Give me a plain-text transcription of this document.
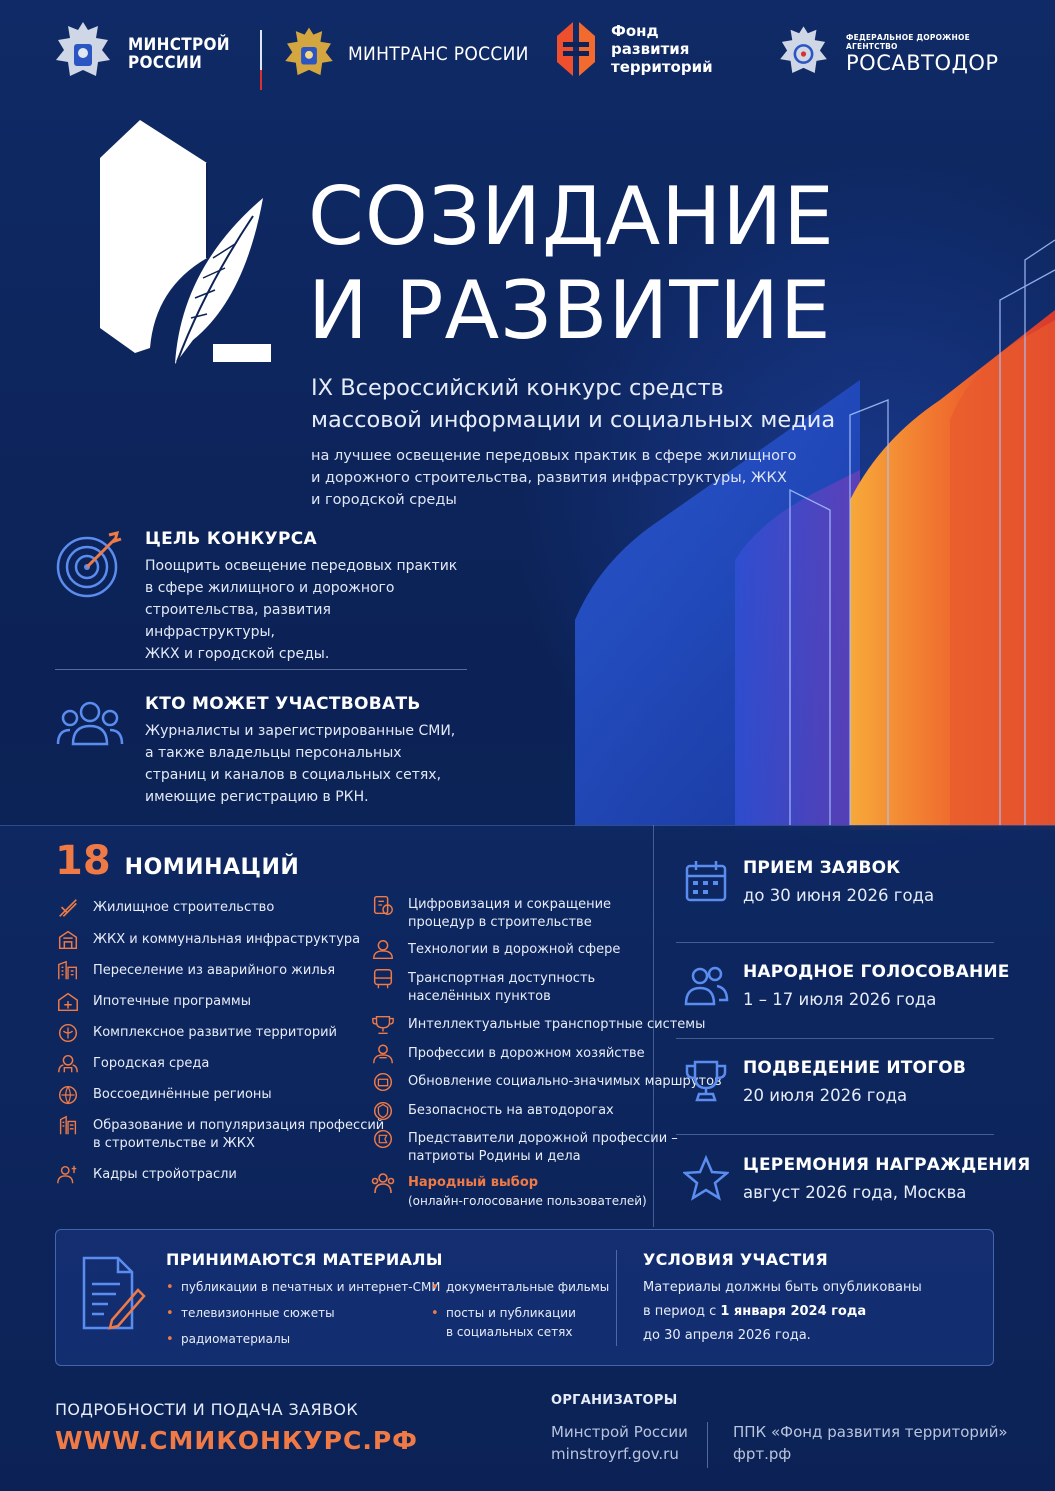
МИНСТРОЙ
РОССИИ	МИНТРАНС РОССИИ
Фонд
развития
территорий
ФЕДЕРАЛЬНОЕ ДОРОЖНОЕ АГЕНТСТВО
РОСАВТОДОР
СОЗИДАНИЕ
И РАЗВИТИЕ
IX Всероссийский конкурс средств
массовой информации и социальных медиа
на лучшее освещение передовых практик в сфере жилищного
и дорожного строительства, развития инфраструктуры, ЖКХ
и городской среды
ЦЕЛЬ КОНКУРСА

Поощрить освещение передовых практик
в сфере жилищного и дорожного
строительства, развития инфраструктуры,
ЖКХ и городской среды.

КТО МОЖЕТ УЧАСТВОВАТЬ

Журналисты и зарегистрированные СМИ,
а также владельцы персональных
страниц и каналов в социальных сетях,
имеющие регистрацию в РКН.

18 НОМИНАЦИЙ
Жилищное строительство
ЖКХ и коммунальная инфраструктура
Переселение из аварийного жилья
Ипотечные программы
Комплексное развитие территорий
Городская среда
Воссоединённые регионы
Образование и популяризация профессий
в строительстве и ЖКХ
Кадры стройотрасли
Цифровизация и сокращение
процедур в строительстве
Технологии в дорожной сфере
Транспортная доступность
населённых пунктов
Интеллектуальные транспортные системы
Профессии в дорожном хозяйстве
Обновление социально-значимых маршрутов
Безопасность на автодорогах
Представители дорожной профессии –
патриоты Родины и дела
Народный выбор
(онлайн-голосование пользователей)
ПРИЕМ ЗАЯВОК
до 30 июня 2026 года
НАРОДНОЕ ГОЛОСОВАНИЕ
1 – 17 июля 2026 года
ПОДВЕДЕНИЕ ИТОГОВ
20 июля 2026 года
ЦЕРЕМОНИЯ НАГРАЖДЕНИЯ
август 2026 года, Москва
ПРИНИМАЮТСЯ МАТЕРИАЛЫ
• публикации в печатных и интернет-СМИ
• телевизионные сюжеты
• радиоматериалы
• документальные фильмы
• посты и публикации
в социальных сетях
УСЛОВИЯ УЧАСТИЯ
Материалы должны быть опубликованы
в период с 1 января 2024 года
до 30 апреля 2026 года.
ПОДРОБНОСТИ И ПОДАЧА ЗАЯВОК
WWW.СМИКОНКУРС.РФ
ОРГАНИЗАТОРЫ
Минстрой России
minstroyrf.gov.ru
ППК «Фонд развития территорий»
фрт.рф
